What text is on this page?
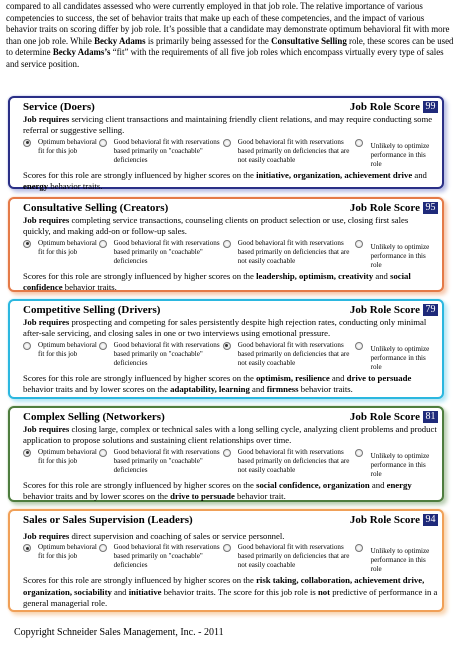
compared to all candidates assessed who were currently employed in that job role. The relative importance of various competencies to success, the set of behavior traits that make up each of these competencies, and the impact of various behavior traits on scoring differ by job role. It’s possible that a candidate may demonstrate optimum behavioral fit with more than one job role. While Becky Adams is primarily being assessed for the Consultative Selling role, these scores can be used to determine Becky Adams’s “fit” with the requirements of all five job roles which encompass virtually every type of sales and service position.

Service (Doers)	Job Role Score 99
Job requires servicing client transactions and maintaining friendly client relations, and may require conducting some referral or suggestive selling.
Optimum behavioral fit for this job
Good behavioral fit with reservations based primarily on "coachable" deficiencies
Good behavioral fit with reservations based primarily on deficiencies that are not easily coachable
Unlikely to optimize performance in this role
Scores for this role are strongly influenced by higher scores on the initiative, organization, achievement drive and energy behavior traits.
Consultative Selling (Creators)	Job Role Score 95
Job requires completing service transactions, counseling clients on product selection or use, closing first sales quickly, and making add-on or follow-up sales.
Optimum behavioral fit for this job
Good behavioral fit with reservations based primarily on "coachable" deficiencies
Good behavioral fit with reservations based primarily on deficiencies that are not easily coachable
Unlikely to optimize performance in this role
Scores for this role are strongly influenced by higher scores on the leadership, optimism, creativity and social confidence behavior traits.
Competitive Selling (Drivers)	Job Role Score 79
Job requires prospecting and competing for sales persistently despite high rejection rates, conducting only minimal after-sale servicing, and closing sales in one or two interviews using emotional pressure.
Optimum behavioral fit for this job
Good behavioral fit with reservations based primarily on "coachable" deficiencies
Good behavioral fit with reservations based primarily on deficiencies that are not easily coachable
Unlikely to optimize performance in this role
Scores for this role are strongly influenced by higher scores on the optimism, resilience and drive to persuade behavior traits and by lower scores on the adaptability, learning and firmness behavior traits.
Complex Selling (Networkers)	Job Role Score 81
Job requires closing large, complex or technical sales with a long selling cycle, analyzing client problems and product application to propose solutions and sustaining client relationships over time.
Optimum behavioral fit for this job
Good behavioral fit with reservations based primarily on "coachable" deficiencies
Good behavioral fit with reservations based primarily on deficiencies that are not easily coachable
Unlikely to optimize performance in this role
Scores for this role are strongly influenced by higher scores on the social confidence, organization and energy behavior traits and by lower scores on the drive to persuade behavior trait.
Sales or Sales Supervision (Leaders)	Job Role Score 94
Job requires direct supervision and coaching of sales or service personnel.
Optimum behavioral fit for this job
Good behavioral fit with reservations based primarily on "coachable" deficiencies
Good behavioral fit with reservations based primarily on deficiencies that are not easily coachable
Unlikely to optimize performance in this role
Scores for this role are strongly influenced by higher scores on the risk taking, collaboration, achievement drive, organization, sociability and initiative behavior traits. The score for this job role is not predictive of performance in a general managerial role.
Copyright Schneider Sales Management, Inc. - 2011
